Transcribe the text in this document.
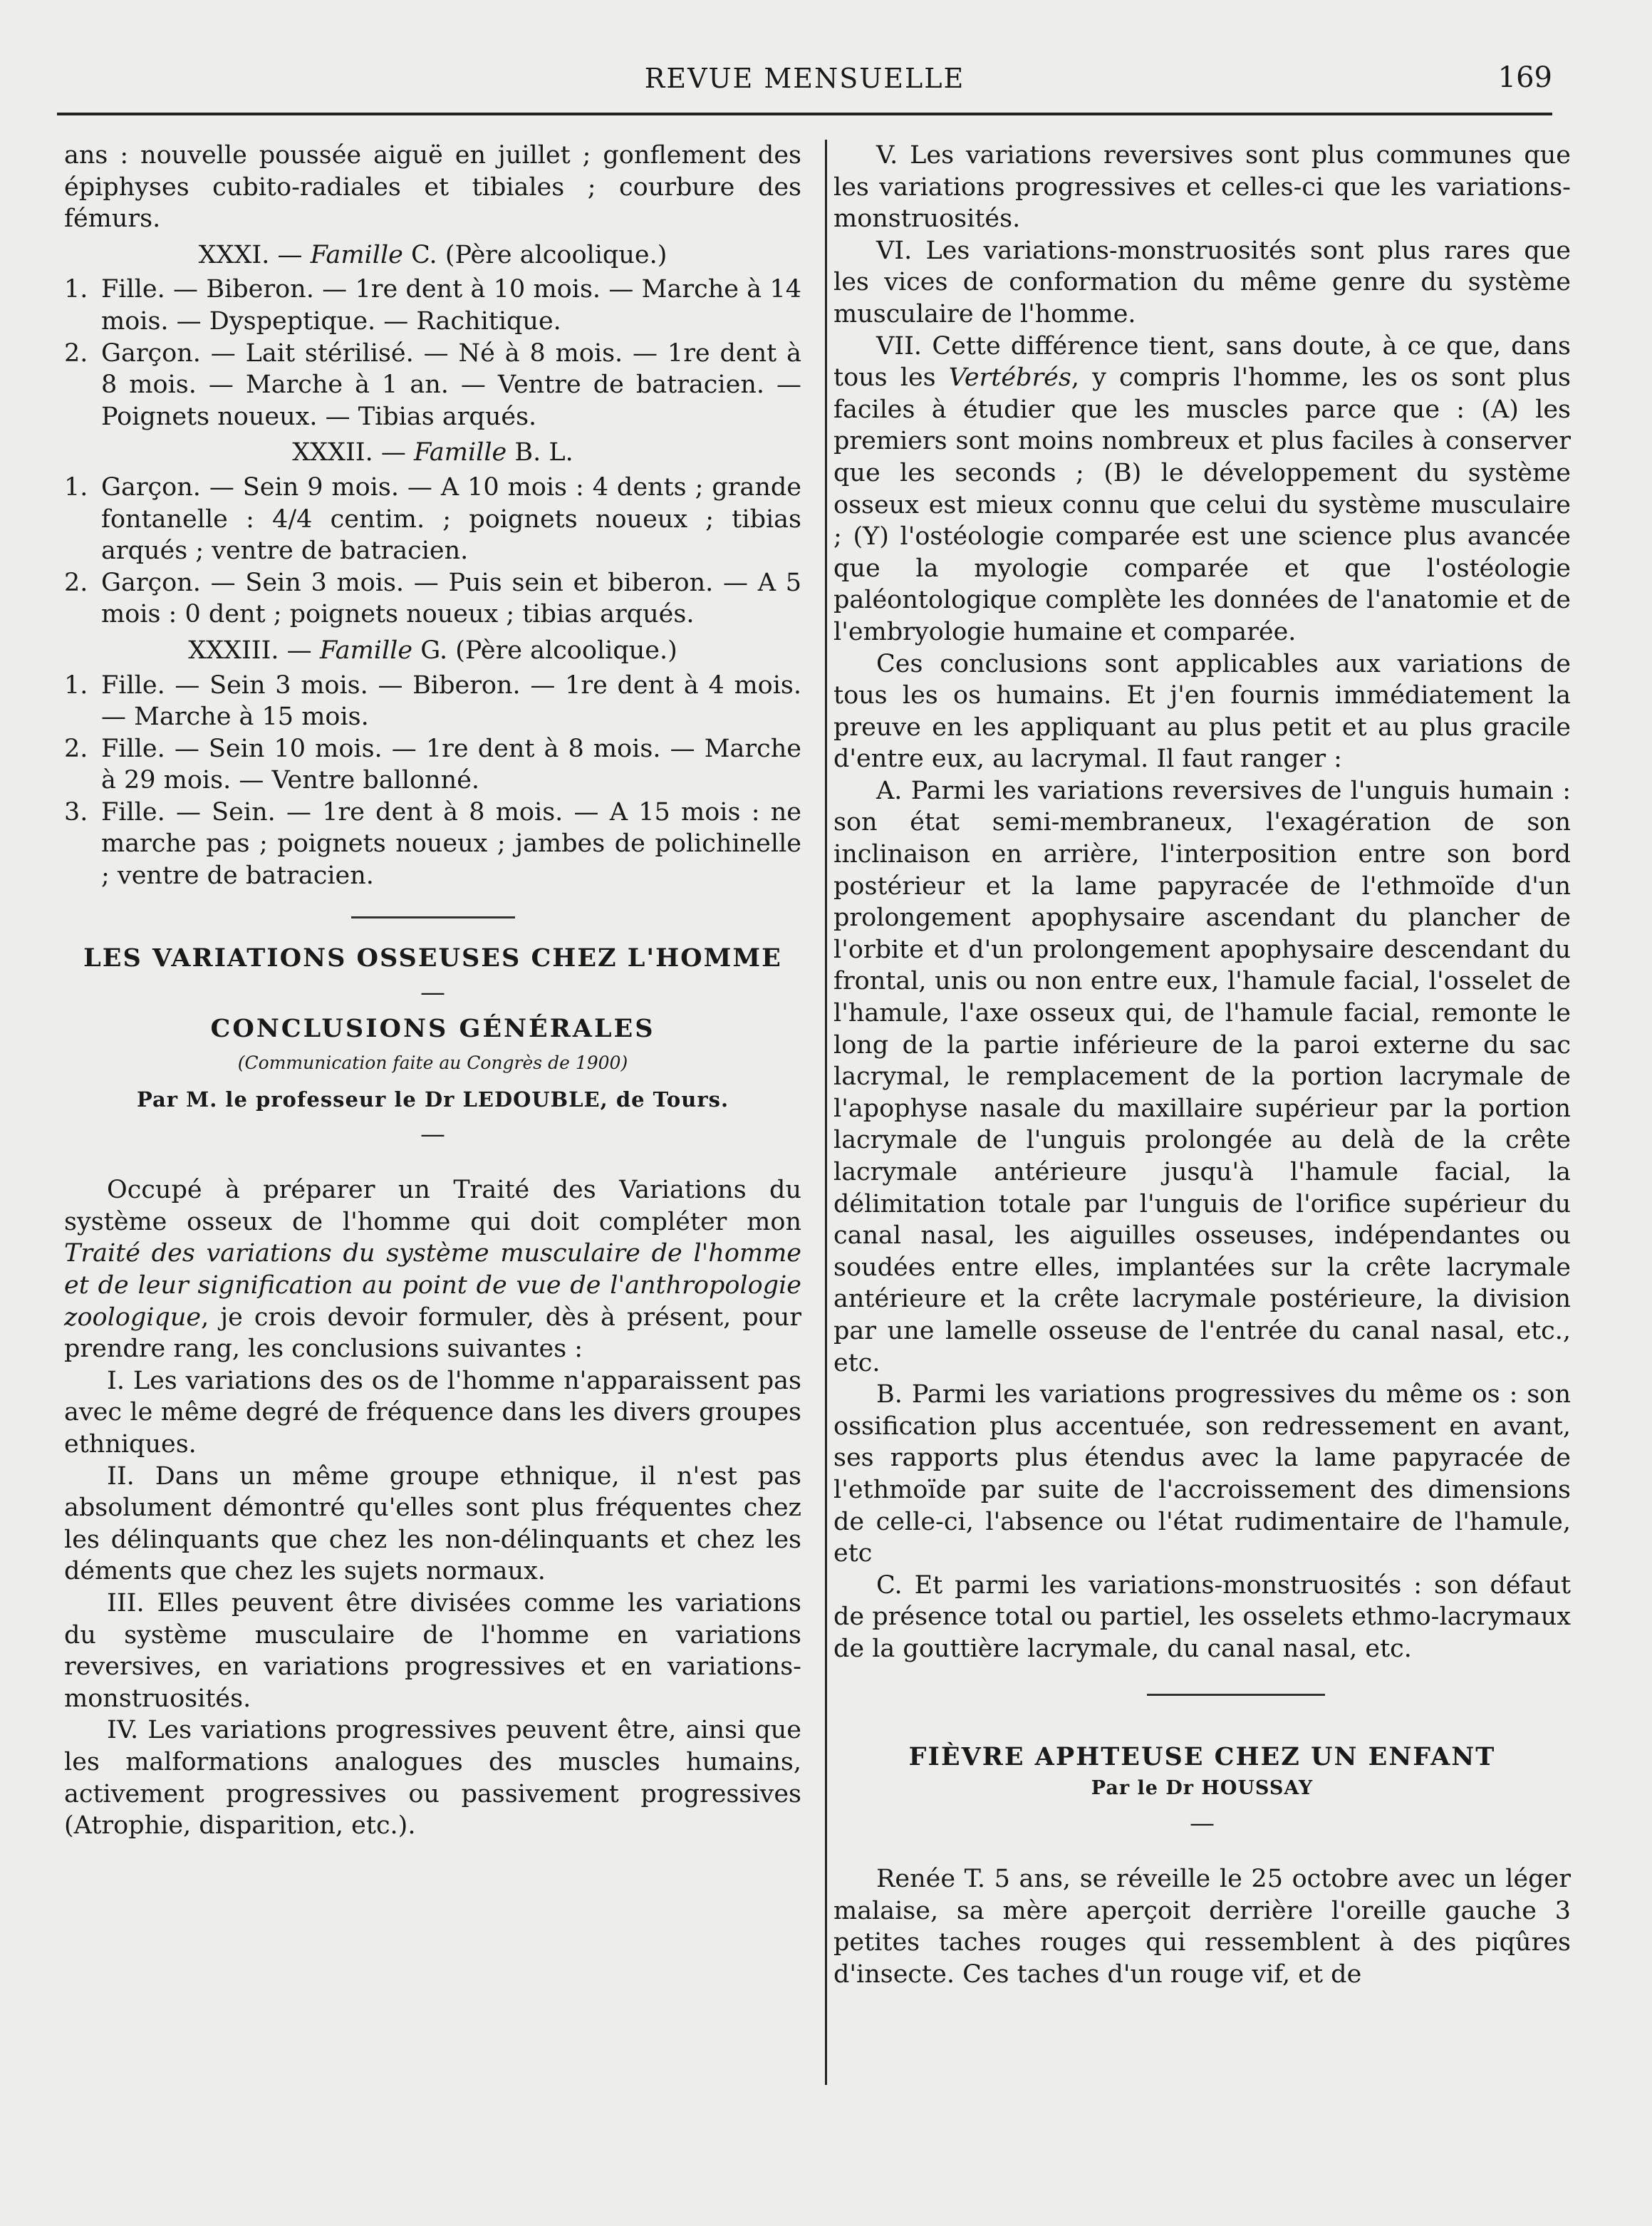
REVUE MENSUELLE	169

ans : nouvelle poussée aiguë en juillet ; gonflement des épiphyses cubito-radiales et tibiales ; courbure des fémurs.

XXXI. — Famille C. (Père alcoolique.)
1. Fille. — Biberon. — 1re dent à 10 mois. — Marche à 14 mois. — Dyspeptique. — Rachitique.
2. Garçon. — Lait stérilisé. — Né à 8 mois. — 1re dent à 8 mois. — Marche à 1 an. — Ventre de batracien. — Poignets noueux. — Tibias arqués.
XXXII. — Famille B. L.
1. Garçon. — Sein 9 mois. — A 10 mois : 4 dents ; grande fontanelle : 4/4 centim. ; poignets noueux ; tibias arqués ; ventre de batracien.
2. Garçon. — Sein 3 mois. — Puis sein et biberon. — A 5 mois : 0 dent ; poignets noueux ; tibias arqués.
XXXIII. — Famille G. (Père alcoolique.)
1. Fille. — Sein 3 mois. — Biberon. — 1re dent à 4 mois. — Marche à 15 mois.
2. Fille. — Sein 10 mois. — 1re dent à 8 mois. — Marche à 29 mois. — Ventre ballonné.
3. Fille. — Sein. — 1re dent à 8 mois. — A 15 mois : ne marche pas ; poignets noueux ; jambes de polichinelle ; ventre de batracien.

LES VARIATIONS OSSEUSES CHEZ L'HOMME

—

CONCLUSIONS GÉNÉRALES

(Communication faite au Congrès de 1900)

Par M. le professeur le Dr LEDOUBLE, de Tours.

—

Occupé à préparer un Traité des Variations du système osseux de l'homme qui doit compléter mon Traité des variations du système musculaire de l'homme et de leur signification au point de vue de l'anthropologie zoologique, je crois devoir formuler, dès à présent, pour prendre rang, les conclusions suivantes :

I. Les variations des os de l'homme n'apparaissent pas avec le même degré de fréquence dans les divers groupes ethniques.

II. Dans un même groupe ethnique, il n'est pas absolument démontré qu'elles sont plus fréquentes chez les délinquants que chez les non-délinquants et chez les déments que chez les sujets normaux.

III. Elles peuvent être divisées comme les variations du système musculaire de l'homme en variations reversives, en variations progressives et en variations-monstruosités.

IV. Les variations progressives peuvent être, ainsi que les malformations analogues des muscles humains, activement progressives ou passivement progressives (Atrophie, disparition, etc.).

V. Les variations reversives sont plus communes que les variations progressives et celles-ci que les variations-monstruosités.

VI. Les variations-monstruosités sont plus rares que les vices de conformation du même genre du système musculaire de l'homme.

VII. Cette différence tient, sans doute, à ce que, dans tous les Vertébrés, y compris l'homme, les os sont plus faciles à étudier que les muscles parce que : (A) les premiers sont moins nombreux et plus faciles à conserver que les seconds ; (B) le développement du système osseux est mieux connu que celui du système musculaire ; (Y) l'ostéologie comparée est une science plus avancée que la myologie comparée et que l'ostéologie paléontologique complète les données de l'anatomie et de l'embryologie humaine et comparée.

Ces conclusions sont applicables aux variations de tous les os humains. Et j'en fournis immédiatement la preuve en les appliquant au plus petit et au plus gracile d'entre eux, au lacrymal. Il faut ranger :

A. Parmi les variations reversives de l'unguis humain : son état semi-membraneux, l'exagération de son inclinaison en arrière, l'interposition entre son bord postérieur et la lame papyracée de l'ethmoïde d'un prolongement apophysaire ascendant du plancher de l'orbite et d'un prolongement apophysaire descendant du frontal, unis ou non entre eux, l'hamule facial, l'osselet de l'hamule, l'axe osseux qui, de l'hamule facial, remonte le long de la partie inférieure de la paroi externe du sac lacrymal, le remplacement de la portion lacrymale de l'apophyse nasale du maxillaire supérieur par la portion lacrymale de l'unguis prolongée au delà de la crête lacrymale antérieure jusqu'à l'hamule facial, la délimitation totale par l'unguis de l'orifice supérieur du canal nasal, les aiguilles osseuses, indépendantes ou soudées entre elles, implantées sur la crête lacrymale antérieure et la crête lacrymale postérieure, la division par une lamelle osseuse de l'entrée du canal nasal, etc., etc.

B. Parmi les variations progressives du même os : son ossification plus accentuée, son redressement en avant, ses rapports plus étendus avec la lame papyracée de l'ethmoïde par suite de l'accroissement des dimensions de celle-ci, l'absence ou l'état rudimentaire de l'hamule, etc

C. Et parmi les variations-monstruosités : son défaut de présence total ou partiel, les osselets ethmo-lacrymaux de la gouttière lacrymale, du canal nasal, etc.

FIÈVRE APHTEUSE CHEZ UN ENFANT

Par le Dr HOUSSAY

—

Renée T. 5 ans, se réveille le 25 octobre avec un léger malaise, sa mère aperçoit derrière l'oreille gauche 3 petites taches rouges qui ressemblent à des piqûres d'insecte. Ces taches d'un rouge vif, et de
